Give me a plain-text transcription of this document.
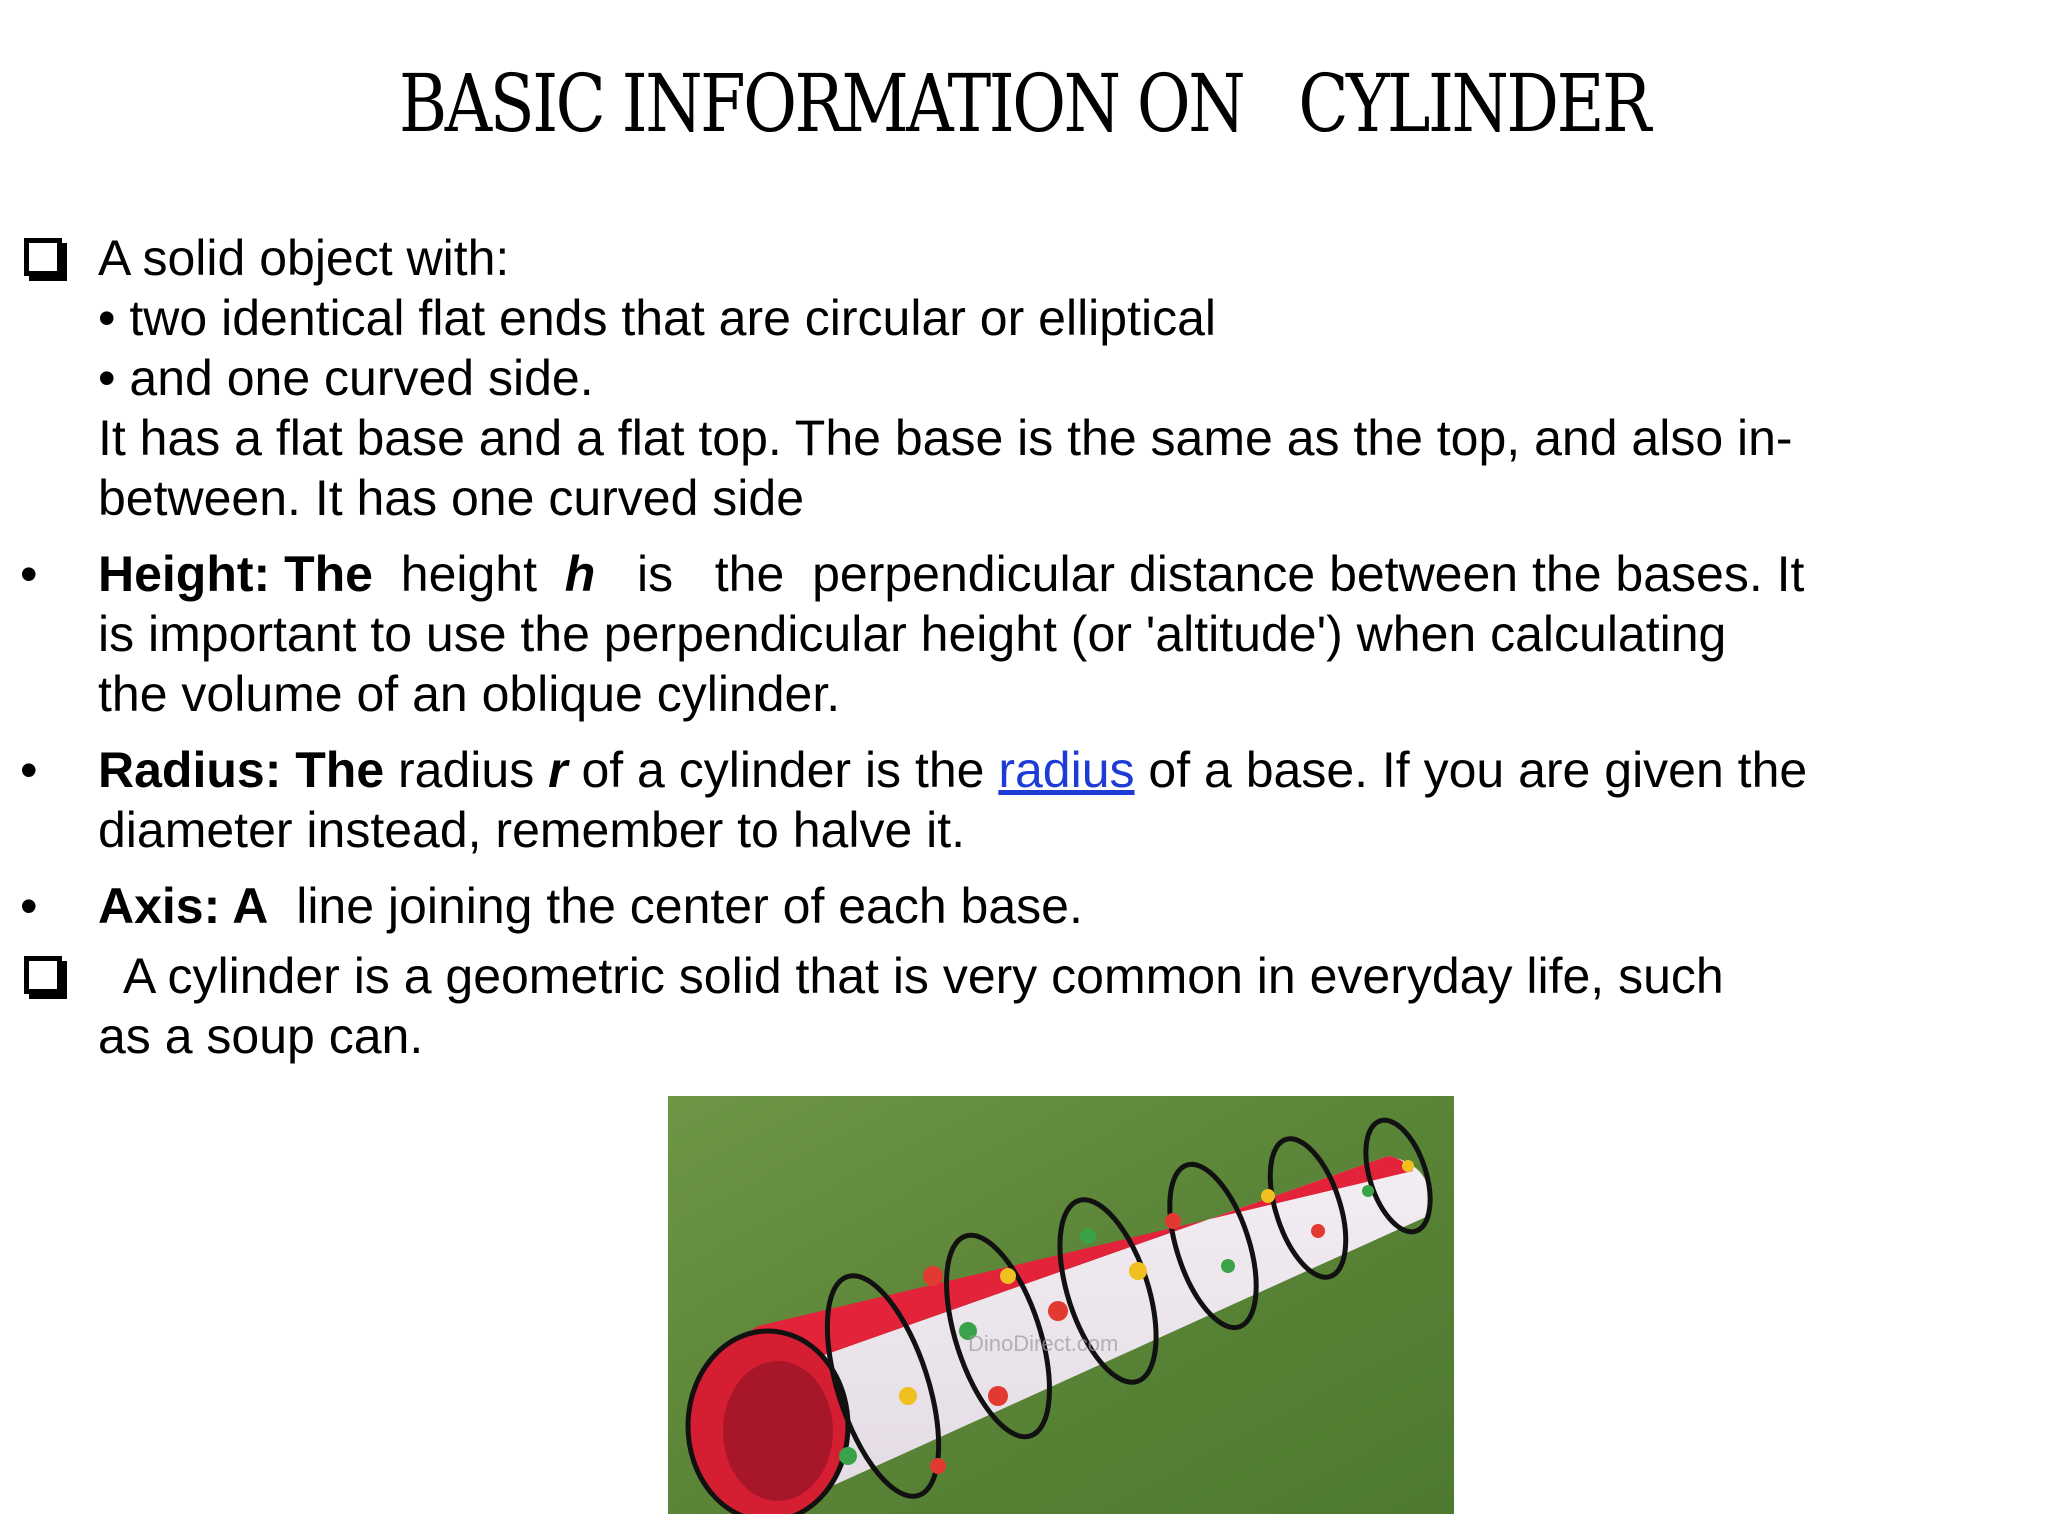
BASIC INFORMATION ON   CYLINDER
A solid object with:
• two identical flat ends that are circular or elliptical
• and one curved side.
It has a flat base and a flat top. The base is the same as the top, and also in-
between. It has one curved side
•	Height: The  height  h   is   the  perpendicular distance between the bases. It
is important to use the perpendicular height (or 'altitude') when calculating
the volume of an oblique cylinder.
•	Radius: The radius r of a cylinder is the radius of a base. If you are given the
diameter instead, remember to halve it.
•	Axis: A  line joining the center of each base.
A cylinder is a geometric solid that is very common in everyday life, such
as a soup can.
DinoDirect.com
